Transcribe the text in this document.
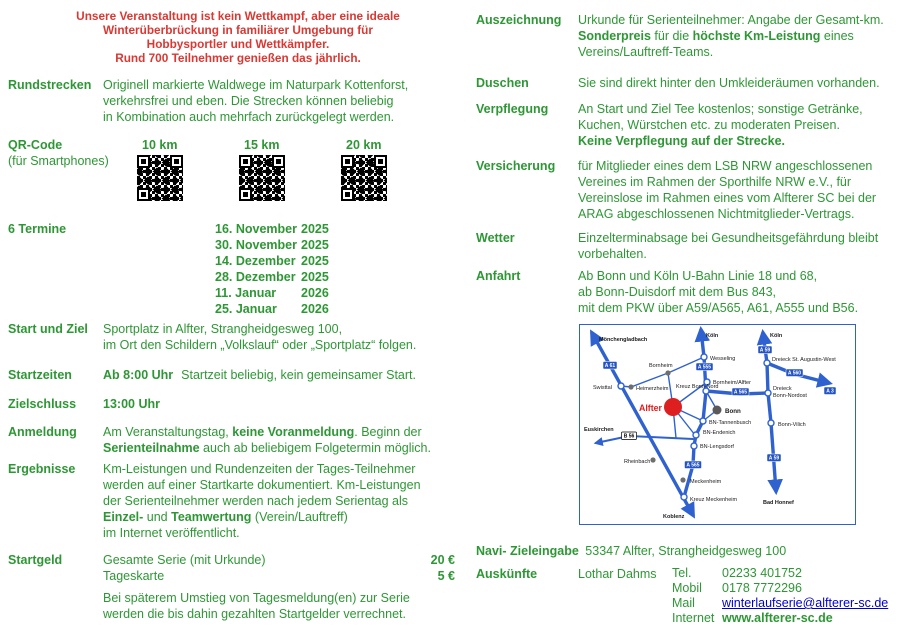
Unsere Veranstaltung ist kein Wettkampf, aber eine ideale
Winterüberbrückung in familiärer Umgebung für
Hobbysportler und Wettkämpfer.
Rund 700 Teilnehmer genießen das jährlich.
Rundstrecken Originell markierte Waldwege im Naturpark Kottenforst,
verkehrsfrei und eben. Die Strecken können beliebig
in Kombination auch mehrfach zurückgelegt werden.
QR-Code
(für Smartphones)
10 km	15 km	20 km
6 Termine	16. November 2025
30. November 2025
14. Dezember 2025
28. Dezember 2025
11. Januar 2026
25. Januar 2026
Start und Ziel	Sportplatz in Alfter, Strangheidgesweg 100,
im Ort den Schildern „Volkslauf“ oder „Sportplatz“ folgen.
Startzeiten	Ab 8:00 Uhr Startzeit beliebig, kein gemeinsamer Start.
Zielschluss	13:00 Uhr
Anmeldung	Am Veranstaltungstag, keine Voranmeldung. Beginn der
Serienteilnahme auch ab beliebigem Folgetermin möglich.
Ergebnisse	Km-Leistungen und Rundenzeiten der Tages-Teilnehmer
werden auf einer Startkarte dokumentiert. Km-Leistungen
der Serienteilnehmer werden nach jedem Serientag als
Einzel- und Teamwertung (Verein/Lauftreff)
im Internet veröffentlicht.
Startgeld	Gesamte Serie (mit Urkunde)	20 €
Tageskarte	5 €
Bei späterem Umstieg von Tagesmeldung(en) zur Serie
werden die bis dahin gezahlten Startgelder verrechnet.
Auszeichnung	Urkunde für Serienteilnehmer: Angabe der Gesamt-km.
Sonderpreis für die höchste Km-Leistung eines
Vereins/Lauftreff-Teams.
Duschen	Sie sind direkt hinter den Umkleideräumen vorhanden.
Verpflegung	An Start und Ziel Tee kostenlos; sonstige Getränke,
Kuchen, Würstchen etc. zu moderaten Preisen.
Keine Verpflegung auf der Strecke.
Versicherung	für Mitglieder eines dem LSB NRW angeschlossenen
Vereines im Rahmen der Sporthilfe NRW e.V., für
Vereinslose im Rahmen eines vom Alfterer SC bei der
ARAG abgeschlossenen Nichtmitglieder-Vertrags.
Wetter	Einzelterminabsage bei Gesundheitsgefährdung bleibt
vorbehalten.
Anfahrt	Ab Bonn und Köln U-Bahn Linie 18 und 68,
ab Bonn-Duisdorf mit dem Bus 843,
mit dem PKW über A59/A565, A61, A555 und B56.
A 61	A 555
A 565
A 565
A 59
A 59
A 560
A 3
B 56
Mönchengladbach
Köln	Köln
Koblenz
Euskirchen
Bad Honnef
Wesseling
Bornheim
Bornheim/Alfter
Dreieck St. Augustin-West
Swisttal	Heimerzheim Kreuz Bonn-Nord	Dreieck
Bonn-Nordost
Bonn
BN-Tannenbusch	Bonn-Vilich
BN-Endenich
BN-Lengsdorf
Rheinbach
Meckenheim
Kreuz Meckenheim
Alfter
Navi- Zieleingabe 53347 Alfter, Strangheidgesweg 100
Auskünfte	Lothar Dahms	Tel.	02233 401752
Mobil	0178 7772296
Mail	winterlaufserie@alfterer-sc.de
Internet www.alfterer-sc.de
